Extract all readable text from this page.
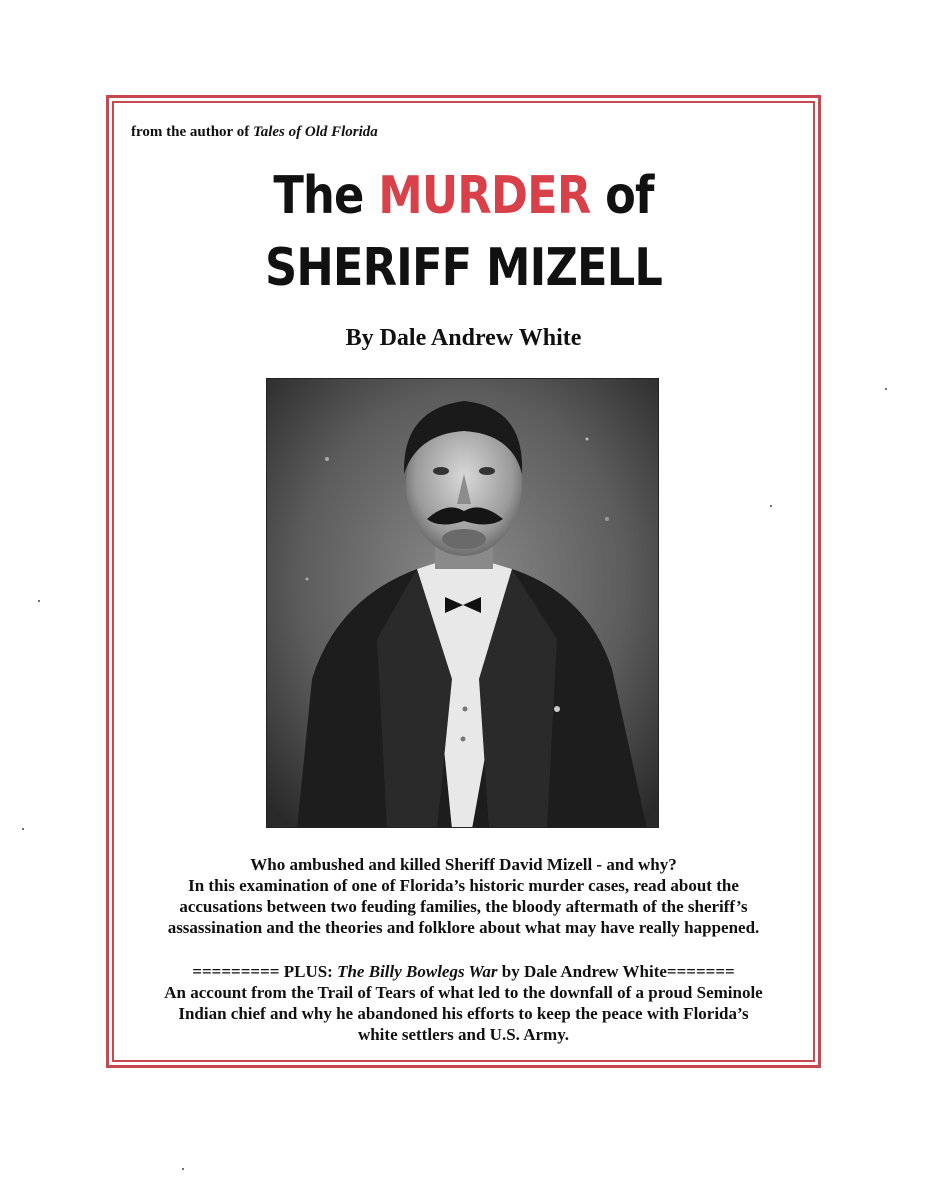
from the author of Tales of Old Florida
The MURDER of
SHERIFF MIZELL
By Dale Andrew White
Who ambushed and killed Sheriff David Mizell - and why?
In this examination of one of Florida’s historic murder cases, read about the
accusations between two feuding families, the bloody aftermath of the sheriff’s
assassination and the theories and folklore about what may have really happened.
========= PLUS: The Billy Bowlegs War by Dale Andrew White=======
An account from the Trail of Tears of what led to the downfall of a proud Seminole
Indian chief and why he abandoned his efforts to keep the peace with Florida’s
white settlers and U.S. Army.
